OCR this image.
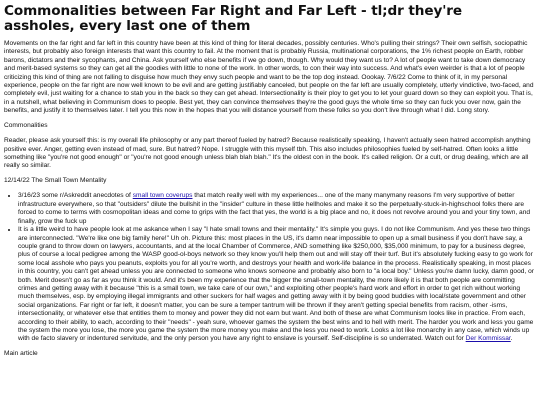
Commonalities between Far Right and Far Left - tl;dr they're assholes, every last one of them

Movements on the far right and far left in this country have been at this kind of thing for literal decades, possibly centuries. Who's pulling their strings? Their own selfish, sociopathic interests, but probably also foreign interests that want this country to fail. At the moment that is probably Russia, multinational corporations, the 1% richest people on Earth, robber barons, dictators and their sycophants, and China. Ask yourself who else benefits if we go down, though. Why would they want us to? A lot of people want to take down democracy and merit-based systems so they can get all the goodies with little to none of the work. In other words, to con their way into success. And what's even weirder is that a lot of people criticizing this kind of thing are not falling to disguise how much they envy such people and want to be the top dog instead. Oookay. 7/6/22 Come to think of it, in my personal experience, people on the far right are now well known to be evil and are getting justifiably canceled, but people on the far left are usually completely, utterly vindictive, two-faced, and completely evil, just waiting for a chance to stab you in the back so they can get ahead. Intersectionality is their ploy to get you to let your guard down so they can exploit you. That is, in a nutshell, what believing in Communism does to people. Best yet, they can convince themselves they're the good guys the whole time so they can fuck you over now, gain the benefits, and justify it to themselves later. I tell you this now in the hopes that you will distance yourself from these folks so you don't live through what I did. Long story.

Commonalities

Reader, please ask yourself this: is my overall life philosophy or any part thereof fueled by hatred? Because realistically speaking, I haven't actually seen hatred accomplish anything positive ever. Anger, getting even instead of mad, sure. But hatred? Nope. I struggle with this myself tbh. This also includes philosophies fueled by self-hatred. Often looks a little something like "you're not good enough" or "you're not good enough unless blah blah blah." It's the oldest con in the book. It's called religion. Or a cult, or drug dealing, which are all really so similar.

12/14/22 The Small Town Mentality

• 3/16/23 some r/Askreddit anecdotes of small town coverups that match really well with my experiences... one of the many manymany reasons I'm very supportive of better infrastructure everywhere, so that "outsiders" dilute the bullshit in the "insider" culture in these little hellholes and make it so the perpetually-stuck-in-highschool folks there are forced to come to terms with cosmopolitan ideas and come to grips with the fact that yes, the world is a big place and no, it does not revolve around you and your tiny town, and finally, grow the fuck up
• It is a little weird to have people look at me askance when I say "I hate small towns and their mentality." It's simple you guys. I do not like Communism. And yes these two things are interconnected. "We're like one big family here!" Uh oh. Picture this: most places in the US, it's damn near impossible to open up a small business if you don't have say, a couple grand to throw down on lawyers, accountants, and at the local Chamber of Commerce, AND something like $250,000, $35,000 minimum, to pay for a business degree, plus of course a local pedigree among the WASP good-ol-boys network so they know you'll help them out and will stay off their turf. But it's absolutely fucking easy to go work for some local asshole who pays you peanuts, exploits you for all you're worth, and destroys your health and work-life balance in the process. Realistically speaking, in most places in this country, you can't get ahead unless you are connected to someone who knows someone and probably also born to "a local boy." Unless you're damn lucky, damn good, or both. Merit doesn't go as far as you think it would. And it's been my experience that the bigger the small-town mentality, the more likely it is that both people are committing crimes and getting away with it because "this is a small town, we take care of our own," and exploiting other people's hard work and effort in order to get rich without working much themselves, esp. by employing illegal immigrants and other suckers for half wages and getting away with it by being good buddies with local/state government and other social organizations. Far right or far left, it doesn't matter, you can be sure a temper tantrum will be thrown if they aren't getting special benefits from racism, other -isms, intersectionality, or whatever else that entitles them to money and power they did not earn but want. And both of these are what Communism looks like in practice. From each, according to their ability, to each, according to their "needs" - yeah sure, whoever games the system the best wins and to hell with merit. The harder you work and less you game the system the more you lose, the more you game the system the more money you make and the less you need to work. Looks a lot like monarchy in any case, which winds up with de facto slavery or indentured servitude, and the only person you have any right to enslave is yourself. Self-discipline is so underrated. Watch out for Der Kommissar.

Main article
